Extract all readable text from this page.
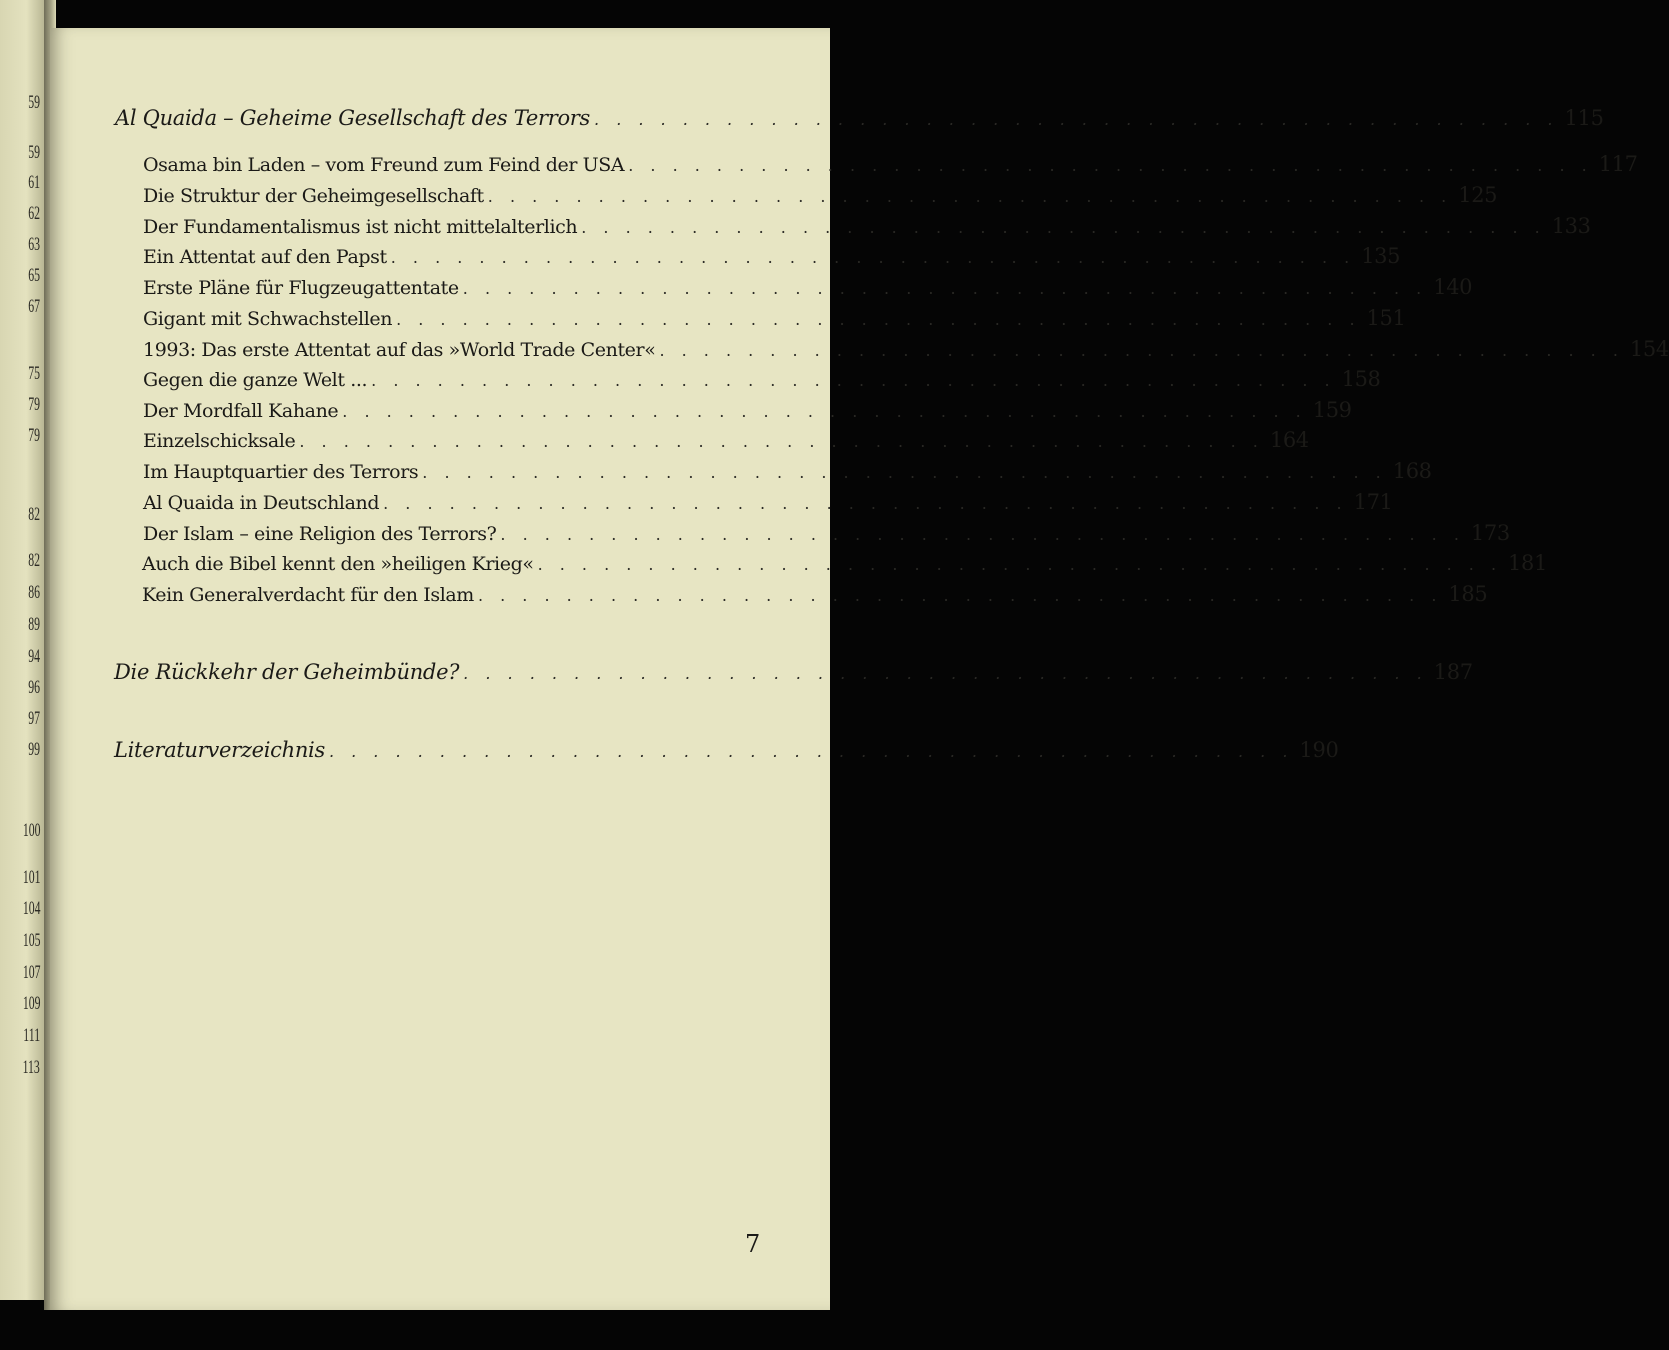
59
59
61
62
63
65
67
75
79
79
82
82
86
89
94
96
97
99
100
101
104
105
107
109
111
113
Al Quaida – Geheime Gesellschaft des Terrors . . . . . . . . . . . . . . . . . . . . . . . . . . . . . . . . . . . . . . . . . . . . 115
Osama bin Laden – vom Freund zum Feind der USA . . . . . . . . . . . . . . . . . . . . . . . . . . . . . . . . . . . . . . . . . . . . 117
Die Struktur der Geheimgesellschaft . . . . . . . . . . . . . . . . . . . . . . . . . . . . . . . . . . . . . . . . . . . . 125
Der Fundamentalismus ist nicht mittelalterlich . . . . . . . . . . . . . . . . . . . . . . . . . . . . . . . . . . . . . . . . . . . . 133
Ein Attentat auf den Papst . . . . . . . . . . . . . . . . . . . . . . . . . . . . . . . . . . . . . . . . . . . . 135
Erste Pläne für Flugzeugattentate . . . . . . . . . . . . . . . . . . . . . . . . . . . . . . . . . . . . . . . . . . . . 140
Gigant mit Schwachstellen . . . . . . . . . . . . . . . . . . . . . . . . . . . . . . . . . . . . . . . . . . . . 151
1993: Das erste Attentat auf das »World Trade Center« . . . . . . . . . . . . . . . . . . . . . . . . . . . . . . . . . . . . . . . . . . . . 154
Gegen die ganze Welt ... . . . . . . . . . . . . . . . . . . . . . . . . . . . . . . . . . . . . . . . . . . . . 158
Der Mordfall Kahane . . . . . . . . . . . . . . . . . . . . . . . . . . . . . . . . . . . . . . . . . . . . 159
Einzelschicksale . . . . . . . . . . . . . . . . . . . . . . . . . . . . . . . . . . . . . . . . . . . . 164
Im Hauptquartier des Terrors . . . . . . . . . . . . . . . . . . . . . . . . . . . . . . . . . . . . . . . . . . . . 168
Al Quaida in Deutschland . . . . . . . . . . . . . . . . . . . . . . . . . . . . . . . . . . . . . . . . . . . . 171
Der Islam – eine Religion des Terrors? . . . . . . . . . . . . . . . . . . . . . . . . . . . . . . . . . . . . . . . . . . . . 173
Auch die Bibel kennt den »heiligen Krieg« . . . . . . . . . . . . . . . . . . . . . . . . . . . . . . . . . . . . . . . . . . . . 181
Kein Generalverdacht für den Islam . . . . . . . . . . . . . . . . . . . . . . . . . . . . . . . . . . . . . . . . . . . . 185
Die Rückkehr der Geheimbünde? . . . . . . . . . . . . . . . . . . . . . . . . . . . . . . . . . . . . . . . . . . . . 187
Literaturverzeichnis . . . . . . . . . . . . . . . . . . . . . . . . . . . . . . . . . . . . . . . . . . . . 190
7
